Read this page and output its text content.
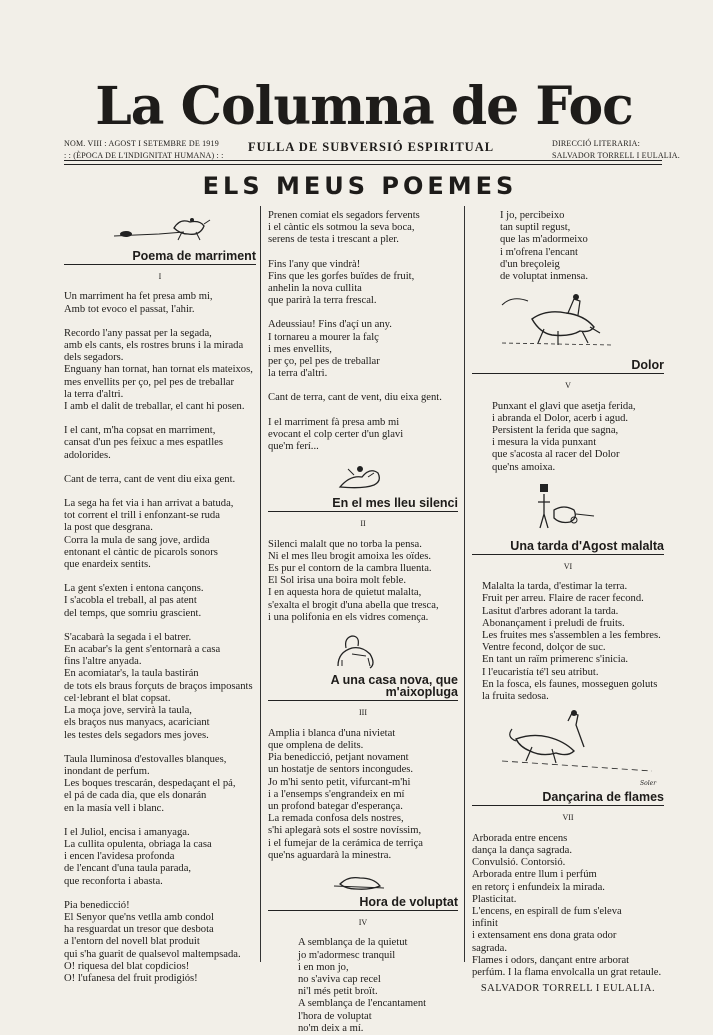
La Columna de Foc
NOM. VIII : AGOST I SETEMBRE DE 1919
: : (ÈPOCA DE L'INDIGNITAT HUMANA) : :
FULLA DE SUBVERSIÓ ESPIRITUAL	DIRECCIÓ LITERARIA:
SALVADOR TORRELL I EULALIA.
ELS MEUS POEMES
Poema de marriment
I

Un marriment ha fet presa amb mi,

Amb tot evoco el passat, l'ahir.

Recordo l'any passat per la segada,

amb els cants, els rostres bruns i la mirada

dels segadors.

Enguany han tornat, han tornat els mateixos,

mes envellits per ço, pel pes de treballar

la terra d'altri.

I amb el dalit de treballar, el cant hi posen.

I el cant, m'ha copsat en marriment,

cansat d'un pes feixuc a mes espatlles

adolorides.

Cant de terra, cant de vent diu eixa gent.

La sega ha fet via i han arrivat a batuda,

tot corrent el trill i enfonzant-se ruda

la post que desgrana.

Corra la mula de sang jove, ardida

entonant el càntic de picarols sonors

que enardeix sentits.

La gent s'exten i entona cançons.

I s'acobla el treball, al pas atent

del temps, que somriu grascient.

S'acabarà la segada i el batrer.

En acabar's la gent s'entornarà a casa

fins l'altre anyada.

En acomiatar's, la taula bastirán

de tots els braus forçuts de braços imposants

cel·lebrant el blat copsat.

La moça jove, servirà la taula,

els braços nus manyacs, acariciant

les testes dels segadors mes joves.

Taula lluminosa d'estovalles blanques,

inondant de perfum.

Les boques trescarán, despedaçant el pá,

el pá de cada dia, que els donarán

en la masía vell i blanc.

I el Juliol, encisa i amanyaga.

La cullita opulenta, obriaga la casa

i encen l'avidesa profonda

de l'encant d'una taula parada,

que reconforta i abasta.

Pia benedicció!

El Senyor que'ns vetlla amb condol

ha resguardat un tresor que desbota

a l'entorn del novell blat produit

qui s'ha guarit de qualsevol maltempsada.

O! riquesa del blat copdicios!

O! l'ufanesa del fruit prodigiós!

Prenen comiat els segadors fervents

i el càntic els sotmou la seva boca,

serens de testa i trescant a pler.

Fins l'any que vindrà!

Fins que les gorfes buïdes de fruit,

anhelin la nova cullita

que parirà la terra frescal.

Adeussiau! Fins d'açí un any.

I tornareu a mourer la falç

i mes envellits,

per ço, pel pes de treballar

la terra d'altri.

Cant de terra, cant de vent, diu eixa gent.

I el marriment fà presa amb mi

evocant el colp certer d'un glavi

que'm ferí...

En el mes lleu silenci
II

Silenci malalt que no torba la pensa.

Ni el mes lleu brogit amoixa les oïdes.

Es pur el contorn de la cambra lluenta.

El Sol irisa una boira molt feble.

I en aquesta hora de quietut malalta,

s'exalta el brogit d'una abella que tresca,

i una polifonia en els vidres comença.

A una casa nova, que m'aixopluga
III

Amplia i blanca d'una nivietat

que omplena de delits.

Pia benedicció, petjant novament

un hostatje de sentors incongudes.

Jo m'hi sento petit, vifurcant-m'hi

i a l'ensemps s'engrandeix en mí

un profond bategar d'esperança.

La remada confosa dels nostres,

s'hi aplegarà sots el sostre novíssim,

i el fumejar de la cerámica de terriça

que'ns aguardarà la minestra.

Hora de voluptat
IV

A semblança de la quietut

jo m'adormesc tranquil

i en mon jo,

no s'aviva cap recel

ni'l més petit broït.

A semblança de l'encantament

l'hora de voluptat

no'm deix a mí.

I jo, percibeixo

tan suptil regust,

que las m'adormeixo

i m'ofrena l'encant

d'un breçoleig

de voluptat inmensa.

Dolor
V

Punxant el glavi que asetja ferida,

i abranda el Dolor, acerb i agud.

Persistent la ferida que sagna,

i mesura la vida punxant

que s'acosta al racer del Dolor

que'ns amoixa.

Una tarda d'Agost malalta
VI

Malalta la tarda, d'estimar la terra.

Fruit per arreu. Flaire de racer fecond.

Lasitut d'arbres adorant la tarda.

Abonançament i preludi de fruits.

Les fruites mes s'assemblen a les fembres.

Ventre fecond, dolçor de suc.

En tant un raïm primerenc s'inicia.

I l'eucaristía té'l seu atribut.

En la fosca, els faunes, mosseguen goluts

la fruita sedosa.

Soler
Dançarina de flames
VII

Arborada entre encens

dança la dança sagrada.

Convulsió. Contorsió.

Arborada entre llum i perfúm

en retorç i enfundeix la mirada.

Plasticitat.

L'encens, en espirall de fum s'eleva

infinit

i extensament ens dona grata odor

sagrada.

Flames i odors, dançant entre arborat

perfúm. I la flama envolcalla un grat retaule.

SALVADOR TORRELL I EULALIA.
